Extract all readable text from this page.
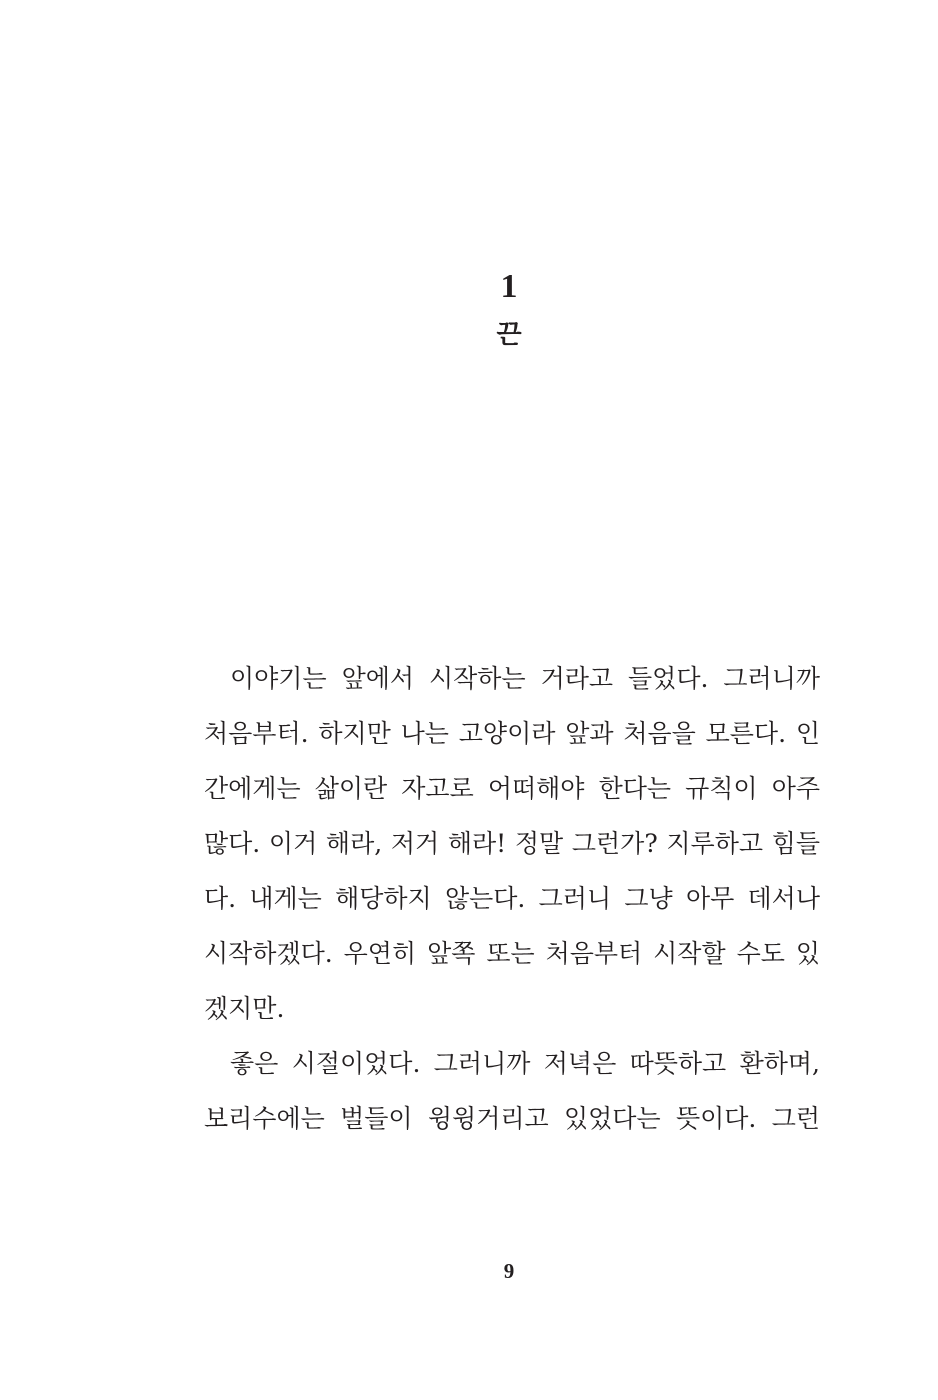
1
끈
이야기는 앞에서 시작하는 거라고 들었다. 그러니까
처음부터. 하지만 나는 고양이라 앞과 처음을 모른다. 인
간에게는 삶이란 자고로 어떠해야 한다는 규칙이 아주
많다. 이거 해라, 저거 해라! 정말 그런가? 지루하고 힘들
다. 내게는 해당하지 않는다. 그러니 그냥 아무 데서나
시작하겠다. 우연히 앞쪽 또는 처음부터 시작할 수도 있
겠지만.
좋은 시절이었다. 그러니까 저녁은 따뜻하고 환하며,
보리수에는 벌들이 윙윙거리고 있었다는 뜻이다. 그런
9
